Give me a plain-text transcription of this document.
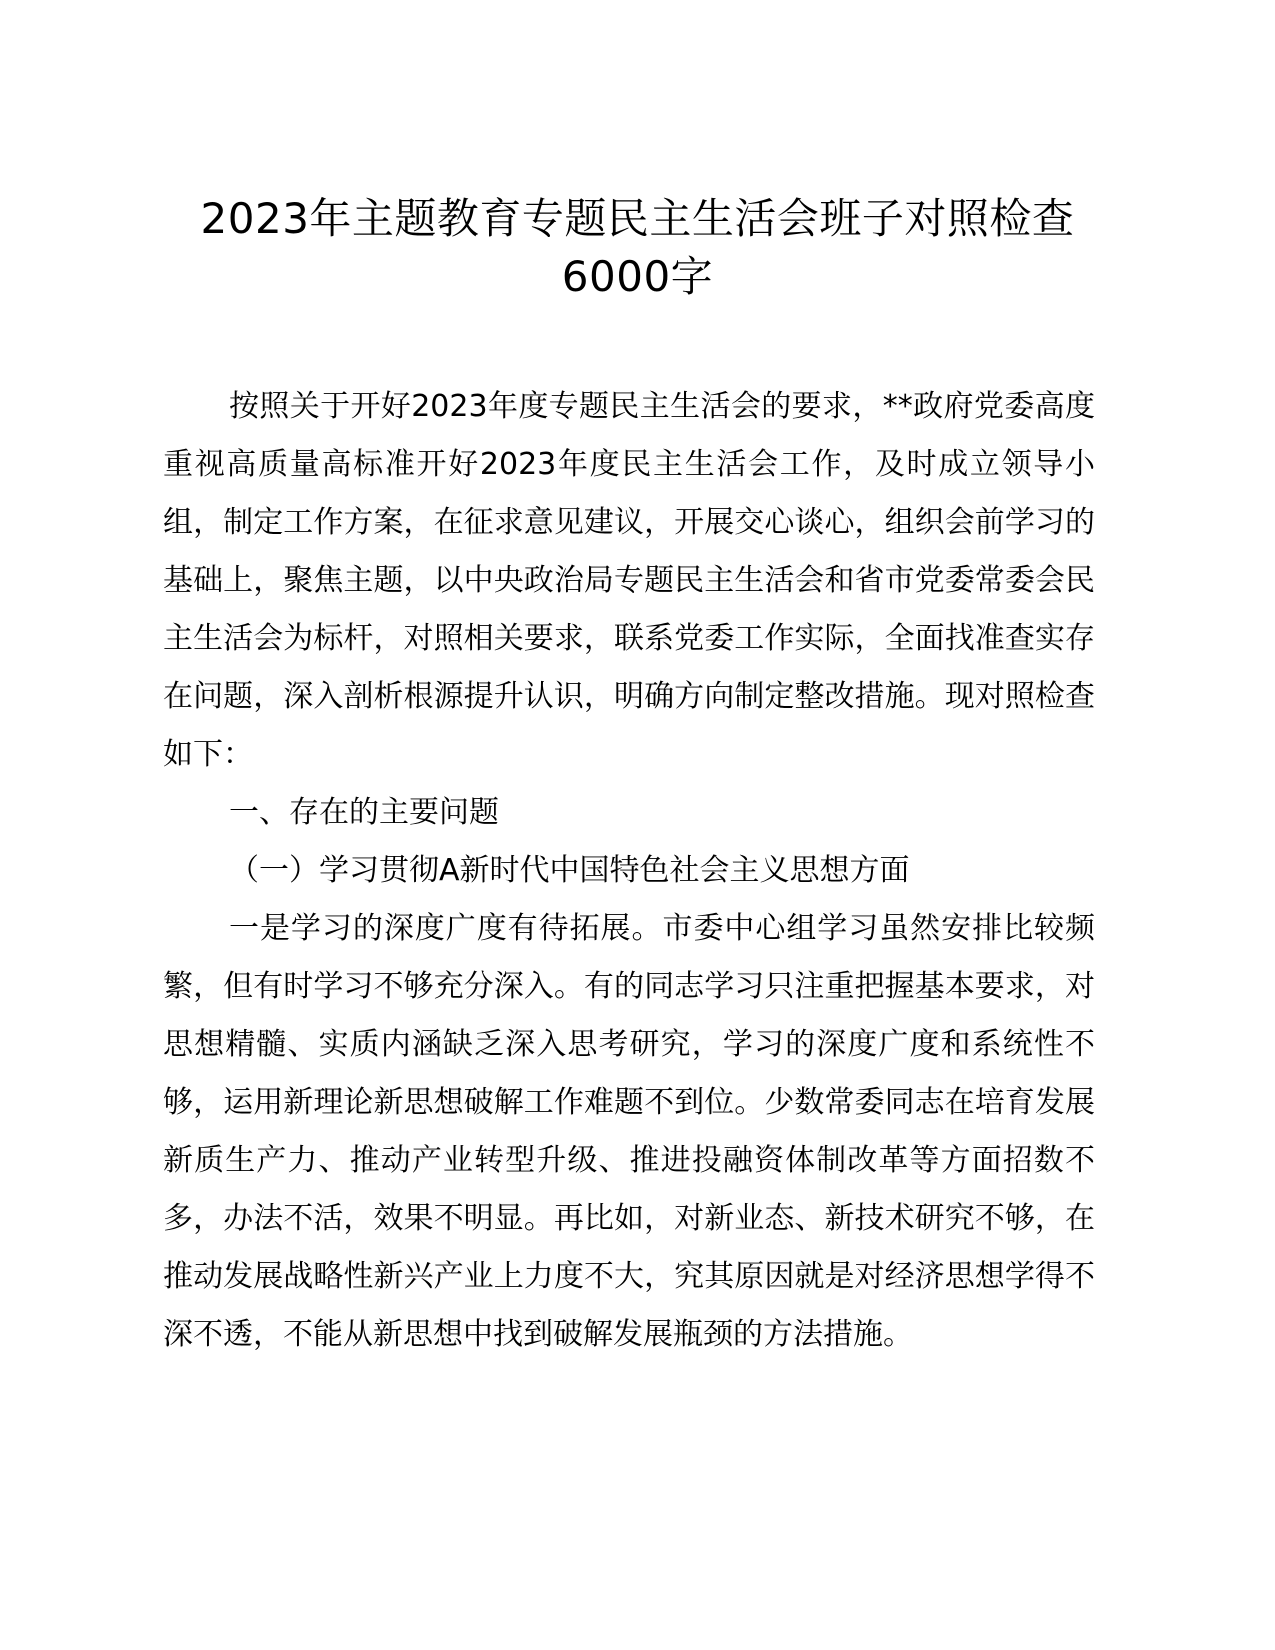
2023年主题教育专题民主生活会班子对照检查6000字

按照关于开好2023年度专题民主生活会的要求，**政府党委高度重视高质量高标准开好2023年度民主生活会工作，及时成立领导小组，制定工作方案，在征求意见建议，开展交心谈心，组织会前学习的基础上，聚焦主题，以中央政治局专题民主生活会和省市党委常委会民主生活会为标杆，对照相关要求，联系党委工作实际，全面找准查实存在问题，深入剖析根源提升认识，明确方向制定整改措施。现对照检查如下：

一、存在的主要问题

（一）学习贯彻A新时代中国特色社会主义思想方面

一是学习的深度广度有待拓展。市委中心组学习虽然安排比较频繁，但有时学习不够充分深入。有的同志学习只注重把握基本要求，对思想精髓、实质内涵缺乏深入思考研究，学习的深度广度和系统性不够，运用新理论新思想破解工作难题不到位。少数常委同志在培育发展新质生产力、推动产业转型升级、推进投融资体制改革等方面招数不多，办法不活，效果不明显。再比如，对新业态、新技术研究不够，在推动发展战略性新兴产业上力度不大，究其原因就是对经济思想学得不深不透，不能从新思想中找到破解发展瓶颈的方法措施。
